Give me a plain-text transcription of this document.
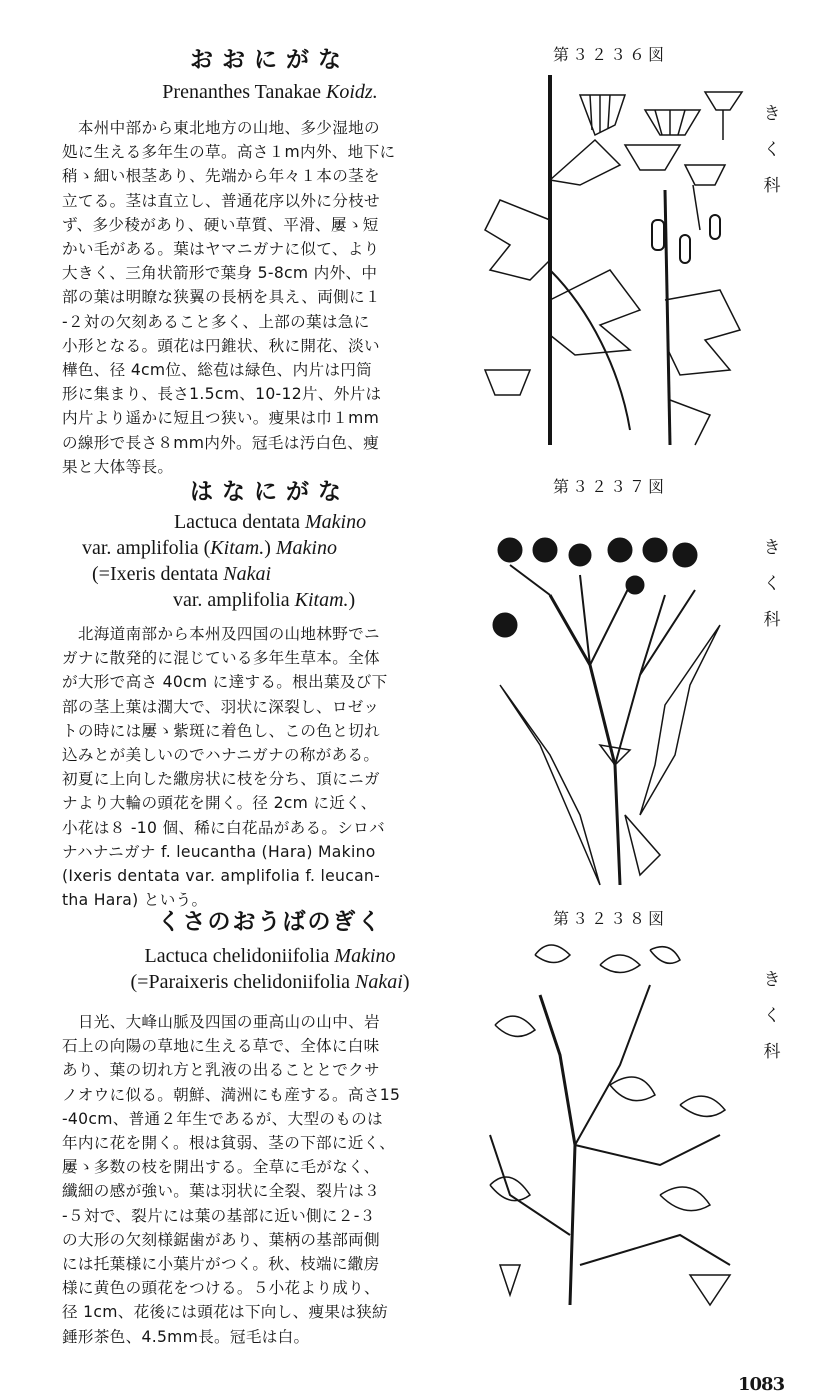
おおにがな
Prenanthes Tanakae Koidz.
　本州中部から東北地方の山地、多少湿地の
処に生える多年生の草。高さ１m内外、地下に
稍ゝ細い根茎あり、先端から年々１本の茎を
立てる。茎は直立し、普通花序以外に分枝せ
ず、多少稜があり、硬い草質、平滑、屢ゝ短
かい毛がある。葉はヤマニガナに似て、より
大きく、三角状箭形で葉身 5-8cm 内外、中
部の葉は明瞭な狭翼の長柄を具え、両側に１
-２対の欠刻あること多く、上部の葉は急に
小形となる。頭花は円錐状、秋に開花、淡い
樺色、径 4cm位、総苞は緑色、内片は円筒
形に集まり、長さ1.5cm、10-12片、外片は
内片より遥かに短且つ狭い。痩果は巾１mm
の線形で長さ８mm内外。冠毛は汚白色、痩
果と大体等長。
第３２３６図
き
く
科
はなにがな
Lactuca dentata Makino
var. amplifolia (Kitam.) Makino
(=Ixeris dentata Nakai
var. amplifolia Kitam.)
　北海道南部から本州及四国の山地林野でニ
ガナに散発的に混じている多年生草本。全体
が大形で高さ 40cm に達する。根出葉及び下
部の茎上葉は濶大で、羽状に深裂し、ロゼッ
トの時には屢ゝ紫斑に着色し、この色と切れ
込みとが美しいのでハナニガナの称がある。
初夏に上向した繖房状に枝を分ち、頂にニガ
ナより大輪の頭花を開く。径 2cm に近く、
小花は８ -10 個、稀に白花品がある。シロバ
ナハナニガナ f. leucantha (Hara) Makino
(Ixeris dentata var. amplifolia f. leucan-
tha Hara) という。
第３２３７図
き
く
科
くさのおうばのぎく
Lactuca chelidoniifolia Makino
(=Paraixeris chelidoniifolia Nakai)
　日光、大峰山脈及四国の亜高山の山中、岩
石上の向陽の草地に生える草で、全体に白味
あり、葉の切れ方と乳液の出ることとでクサ
ノオウに似る。朝鮮、満洲にも産する。高さ15
-40cm、普通２年生であるが、大型のものは
年内に花を開く。根は貧弱、茎の下部に近く、
屢ゝ多数の枝を開出する。全草に毛がなく、
纖細の感が強い。葉は羽状に全裂、裂片は３
-５対で、裂片には葉の基部に近い側に２-３
の大形の欠刻様鋸歯があり、葉柄の基部両側
には托葉様に小葉片がつく。秋、枝端に繖房
様に黄色の頭花をつける。５小花より成り、
径 1cm、花後には頭花は下向し、痩果は狭紡
錘形茶色、4.5mm長。冠毛は白。
第３２３８図
き
く
科
1083
